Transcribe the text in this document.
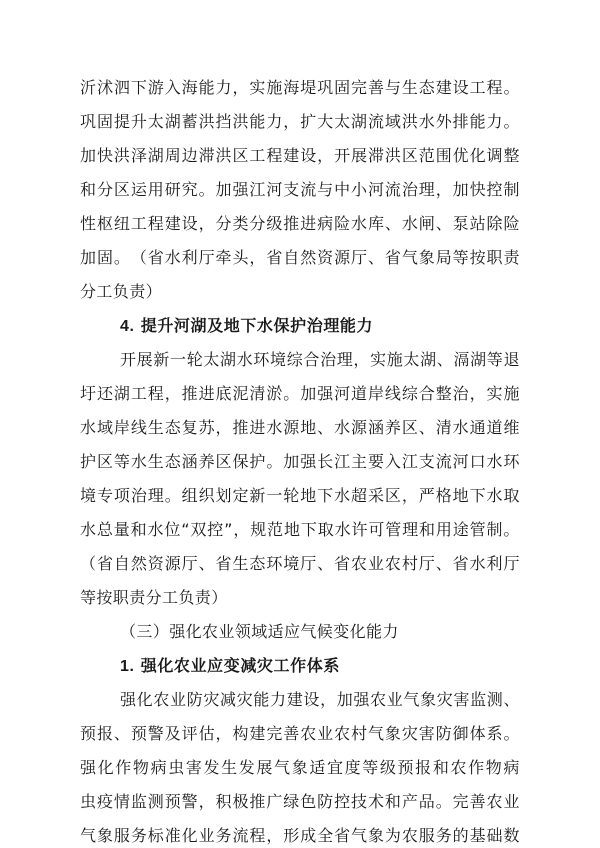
沂 沭 泗 下 游 入 海 能 力 ， 实 施 海 堤 巩 固 完 善 与 生 态 建 设 工 程 。
巩 固 提 升 太 湖 蓄 洪 挡 洪 能 力 ， 扩 大 太 湖 流 域 洪 水 外 排 能 力 。
加 快 洪 泽 湖 周 边 滞 洪 区 工 程 建 设 ， 开 展 滞 洪 区 范 围 优 化 调 整
和 分 区 运 用 研 究 。 加 强 江 河 支 流 与 中 小 河 流 治 理 ， 加 快 控 制
性 枢 纽 工 程 建 设 ， 分 类 分 级 推 进 病 险 水 库 、 水 闸 、 泵 站 除 险
加 固 。 （ 省 水 利 厅 牵 头 ， 省 自 然 资 源 厅 、 省 气 象 局 等 按 职 责
分工负责）
4. 提升河湖及地下水保护治理能力
开 展 新 一 轮 太 湖 水 环 境 综 合 治 理 ， 实 施 太 湖 、 滆 湖 等 退
圩 还 湖 工 程 ， 推 进 底 泥 清 淤 。 加 强 河 道 岸 线 综 合 整 治 ， 实 施
水 域 岸 线 生 态 复 苏 ， 推 进 水 源 地 、 水 源 涵 养 区 、 清 水 通 道 维
护 区 等 水 生 态 涵 养 区 保 护 。 加 强 长 江 主 要 入 江 支 流 河 口 水 环
境 专 项 治 理 。 组 织 划 定 新 一 轮 地 下 水 超 采 区 ， 严 格 地 下 水 取
水 总 量 和 水 位 “ 双 控 ” ， 规 范 地 下 取 水 许 可 管 理 和 用 途 管 制 。
（ 省 自 然 资 源 厅 、 省 生 态 环 境 厅 、 省 农 业 农 村 厅 、 省 水 利 厅
等按职责分工负责）
（三）强化农业领域适应气候变化能力
1. 强化农业应变减灾工作体系
强 化 农 业 防 灾 减 灾 能 力 建 设 ， 加 强 农 业 气 象 灾 害 监 测 、
预 报 、 预 警 及 评 估 ， 构 建 完 善 农 业 农 村 气 象 灾 害 防 御 体 系 。
强 化 作 物 病 虫 害 发 生 发 展 气 象 适 宜 度 等 级 预 报 和 农 作 物 病
虫 疫 情 监 测 预 警 ， 积 极 推 广 绿 色 防 控 技 术 和 产 品 。 完 善 农 业
气 象 服 务 标 准 化 业 务 流 程 ， 形 成 全 省 气 象 为 农 服 务 的 基 础 数
